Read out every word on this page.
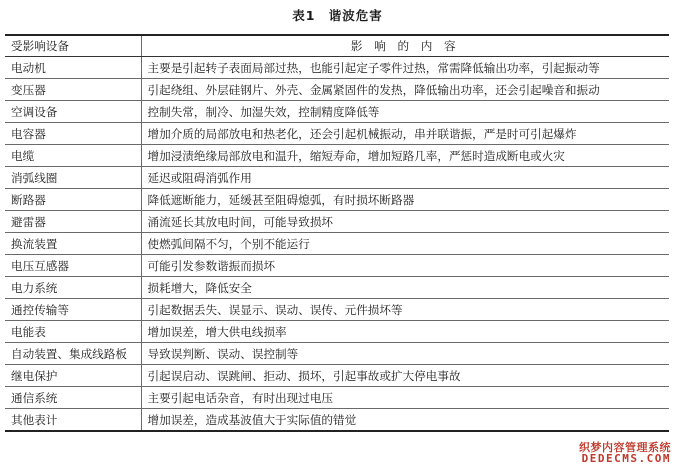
表1 谐波危害
受影响设备	影 响 的 内 容
电动机	主要是引起转子表面局部过热，也能引起定子零件过热，常需降低输出功率，引起振动等
变压器	引起绕组、外层硅钢片、外壳、金属紧固件的发热，降低输出功率，还会引起噪音和振动
空调设备	控制失常，制冷、加湿失效，控制精度降低等
电容器	增加介质的局部放电和热老化，还会引起机械振动，串并联谐振，严是时可引起爆炸
电缆	增加浸渍绝缘局部放电和温升，缩短寿命，增加短路几率，严惩时造成断电或火灾
消弧线圈	延迟或阻碍消弧作用
断路器	降低遮断能力，延缓甚至阻碍熄弧，有时损坏断路器
避雷器	涌流延长其放电时间，可能导致损坏
换流装置	使燃弧间隔不匀，个别不能运行
电压互感器	可能引发参数谐振而损坏
电力系统	损耗增大，降低安全
通控传输等	引起数据丢失、误显示、误动、误传、元件损坏等
电能表	增加误差，增大供电线损率
自动装置、集成线路板	导致误判断、误动、误控制等
继电保护	引起误启动、误跳闸、拒动、损坏，引起事故或扩大停电事故
通信系统	主要引起电话杂音，有时出现过电压
其他表计	增加误差，造成基波值大于实际值的错觉
织梦内容管理系统
DEDECMS.COM
